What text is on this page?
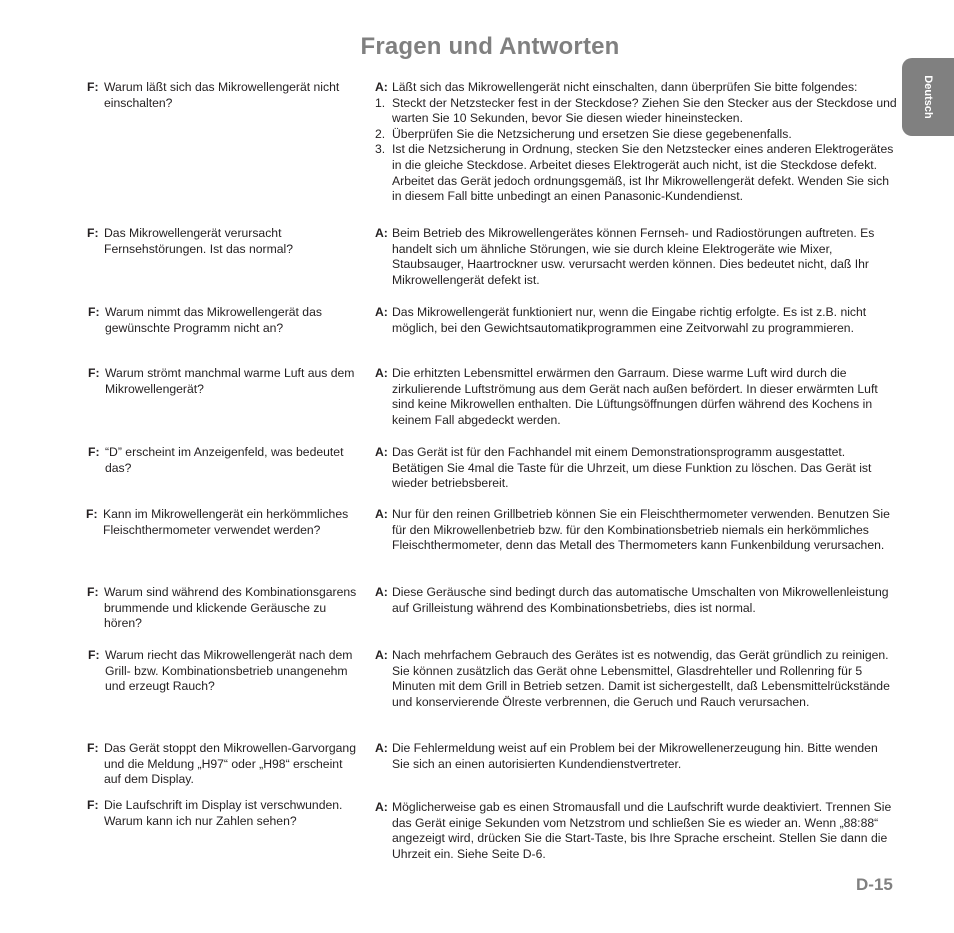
Fragen und Antworten
Deutsch
F: Warum läßt sich das Mikrowellengerät nicht einschalten?
A: Läßt sich das Mikrowellengerät nicht einschalten, dann überprüfen Sie bitte folgendes:
1. Steckt der Netzstecker fest in der Steckdose? Ziehen Sie den Stecker aus der Steckdose und warten Sie 10 Sekunden, bevor Sie diesen wieder hineinstecken.
2. Überprüfen Sie die Netzsicherung und ersetzen Sie diese gegebenenfalls.
3. Ist die Netzsicherung in Ordnung, stecken Sie den Netzstecker eines anderen Elektrogerätes in die gleiche Steckdose. Arbeitet dieses Elektrogerät auch nicht, ist die Steckdose defekt. Arbeitet das Gerät jedoch ordnungsgemäß, ist Ihr Mikrowellengerät defekt. Wenden Sie sich in diesem Fall bitte unbedingt an einen Panasonic-Kundendienst.
F: Das Mikrowellengerät verursacht Fernsehstörungen. Ist das normal?
A: Beim Betrieb des Mikrowellengerätes können Fernseh- und Radiostörungen auftreten. Es handelt sich um ähnliche Störungen, wie sie durch kleine Elektrogeräte wie Mixer, Staubsauger, Haartrockner usw. verursacht werden können. Dies bedeutet nicht, daß Ihr Mikrowellengerät defekt ist.
F: Warum nimmt das Mikrowellengerät das gewünschte Programm nicht an?
A: Das Mikrowellengerät funktioniert nur, wenn die Eingabe richtig erfolgte. Es ist z.B. nicht möglich, bei den Gewichtsautomatikprogrammen eine Zeitvorwahl zu programmieren.
F: Warum strömt manchmal warme Luft aus dem Mikrowellengerät?
A: Die erhitzten Lebensmittel erwärmen den Garraum. Diese warme Luft wird durch die zirkulierende Luftströmung aus dem Gerät nach außen befördert. In dieser erwärmten Luft sind keine Mikrowellen enthalten. Die Lüftungsöffnungen dürfen während des Kochens in keinem Fall abgedeckt werden.
F: “D” erscheint im Anzeigenfeld, was bedeutet das?
A: Das Gerät ist für den Fachhandel mit einem Demonstrationsprogramm ausgestattet. Betätigen Sie 4mal die Taste für die Uhrzeit, um diese Funktion zu löschen. Das Gerät ist wieder betriebsbereit.
F: Kann im Mikrowellengerät ein herkömmliches Fleischthermometer verwendet werden?
A: Nur für den reinen Grillbetrieb können Sie ein Fleischthermometer verwenden. Benutzen Sie für den Mikrowellenbetrieb bzw. für den Kombinationsbetrieb niemals ein herkömmliches Fleischthermometer, denn das Metall des Thermometers kann Funkenbildung verursachen.
F: Warum sind während des Kombinationsgarens brummende und klickende Geräusche zu hören?
A: Diese Geräusche sind bedingt durch das automatische Umschalten von Mikrowellenleistung auf Grilleistung während des Kombinationsbetriebs, dies ist normal.
F: Warum riecht das Mikrowellengerät nach dem Grill- bzw. Kombinationsbetrieb unangenehm und erzeugt Rauch?
A: Nach mehrfachem Gebrauch des Gerätes ist es notwendig, das Gerät gründlich zu reinigen. Sie können zusätzlich das Gerät ohne Lebensmittel, Glasdrehteller und Rollenring für 5 Minuten mit dem Grill in Betrieb setzen. Damit ist sichergestellt, daß Lebensmittelrückstände und konservierende Ölreste verbrennen, die Geruch und Rauch verursachen.
F: Das Gerät stoppt den Mikrowellen-Garvorgang und die Meldung „H97“ oder „H98“ erscheint auf dem Display.
A: Die Fehlermeldung weist auf ein Problem bei der Mikrowellenerzeugung hin. Bitte wenden Sie sich an einen autorisierten Kundendienstvertreter.
F: Die Laufschrift im Display ist verschwunden. Warum kann ich nur Zahlen sehen?
A: Möglicherweise gab es einen Stromausfall und die Laufschrift wurde deaktiviert. Trennen Sie das Gerät einige Sekunden vom Netzstrom und schließen Sie es wieder an. Wenn „88:88“ angezeigt wird, drücken Sie die Start-Taste, bis Ihre Sprache erscheint. Stellen Sie dann die Uhrzeit ein. Siehe Seite D-6.
D-15
